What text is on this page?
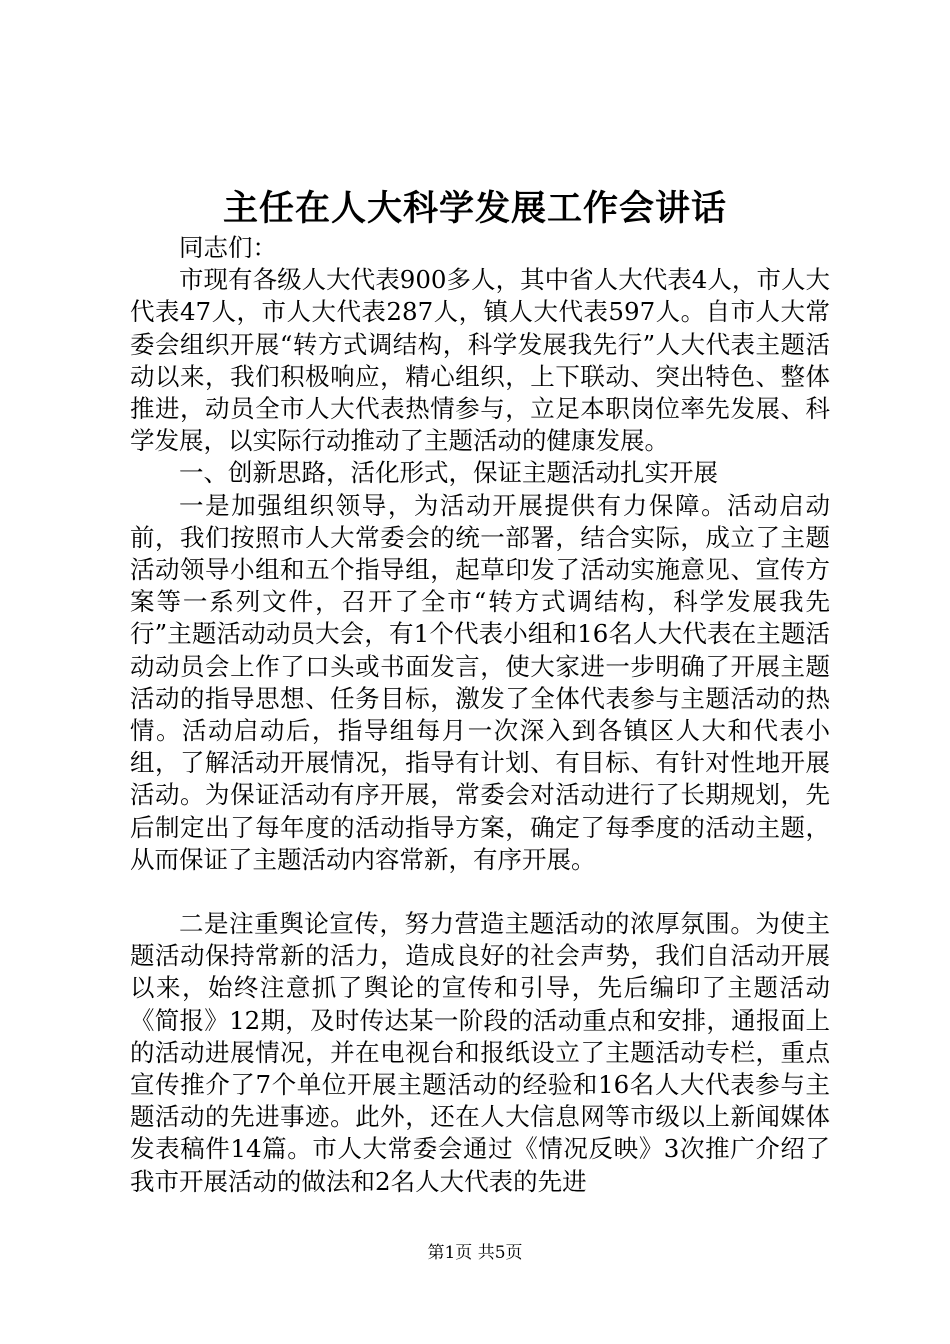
主任在人大科学发展工作会讲话

同志们：

市现有各级人大代表900多人，其中省人大代表4人，市人大代表47人，市人大代表287人，镇人大代表597人。自市人大常委会组织开展“转方式调结构，科学发展我先行”人大代表主题活动以来，我们积极响应，精心组织，上下联动、突出特色、整体推进，动员全市人大代表热情参与，立足本职岗位率先发展、科学发展，以实际行动推动了主题活动的健康发展。

一、创新思路，活化形式，保证主题活动扎实开展

一是加强组织领导，为活动开展提供有力保障。活动启动前，我们按照市人大常委会的统一部署，结合实际，成立了主题活动领导小组和五个指导组，起草印发了活动实施意见、宣传方案等一系列文件，召开了全市“转方式调结构，科学发展我先行”主题活动动员大会，有1个代表小组和16名人大代表在主题活动动员会上作了口头或书面发言，使大家进一步明确了开展主题活动的指导思想、任务目标，激发了全体代表参与主题活动的热情。活动启动后，指导组每月一次深入到各镇区人大和代表小组，了解活动开展情况，指导有计划、有目标、有针对性地开展活动。为保证活动有序开展，常委会对活动进行了长期规划，先后制定出了每年度的活动指导方案，确定了每季度的活动主题，从而保证了主题活动内容常新，有序开展。

二是注重舆论宣传，努力营造主题活动的浓厚氛围。为使主题活动保持常新的活力，造成良好的社会声势，我们自活动开展以来，始终注意抓了舆论的宣传和引导，先后编印了主题活动《简报》12期，及时传达某一阶段的活动重点和安排，通报面上的活动进展情况，并在电视台和报纸设立了主题活动专栏，重点宣传推介了7个单位开展主题活动的经验和16名人大代表参与主题活动的先进事迹。此外，还在人大信息网等市级以上新闻媒体发表稿件14篇。市人大常委会通过《情况反映》3次推广介绍了我市开展活动的做法和2名人大代表的先进

第1页 共5页
